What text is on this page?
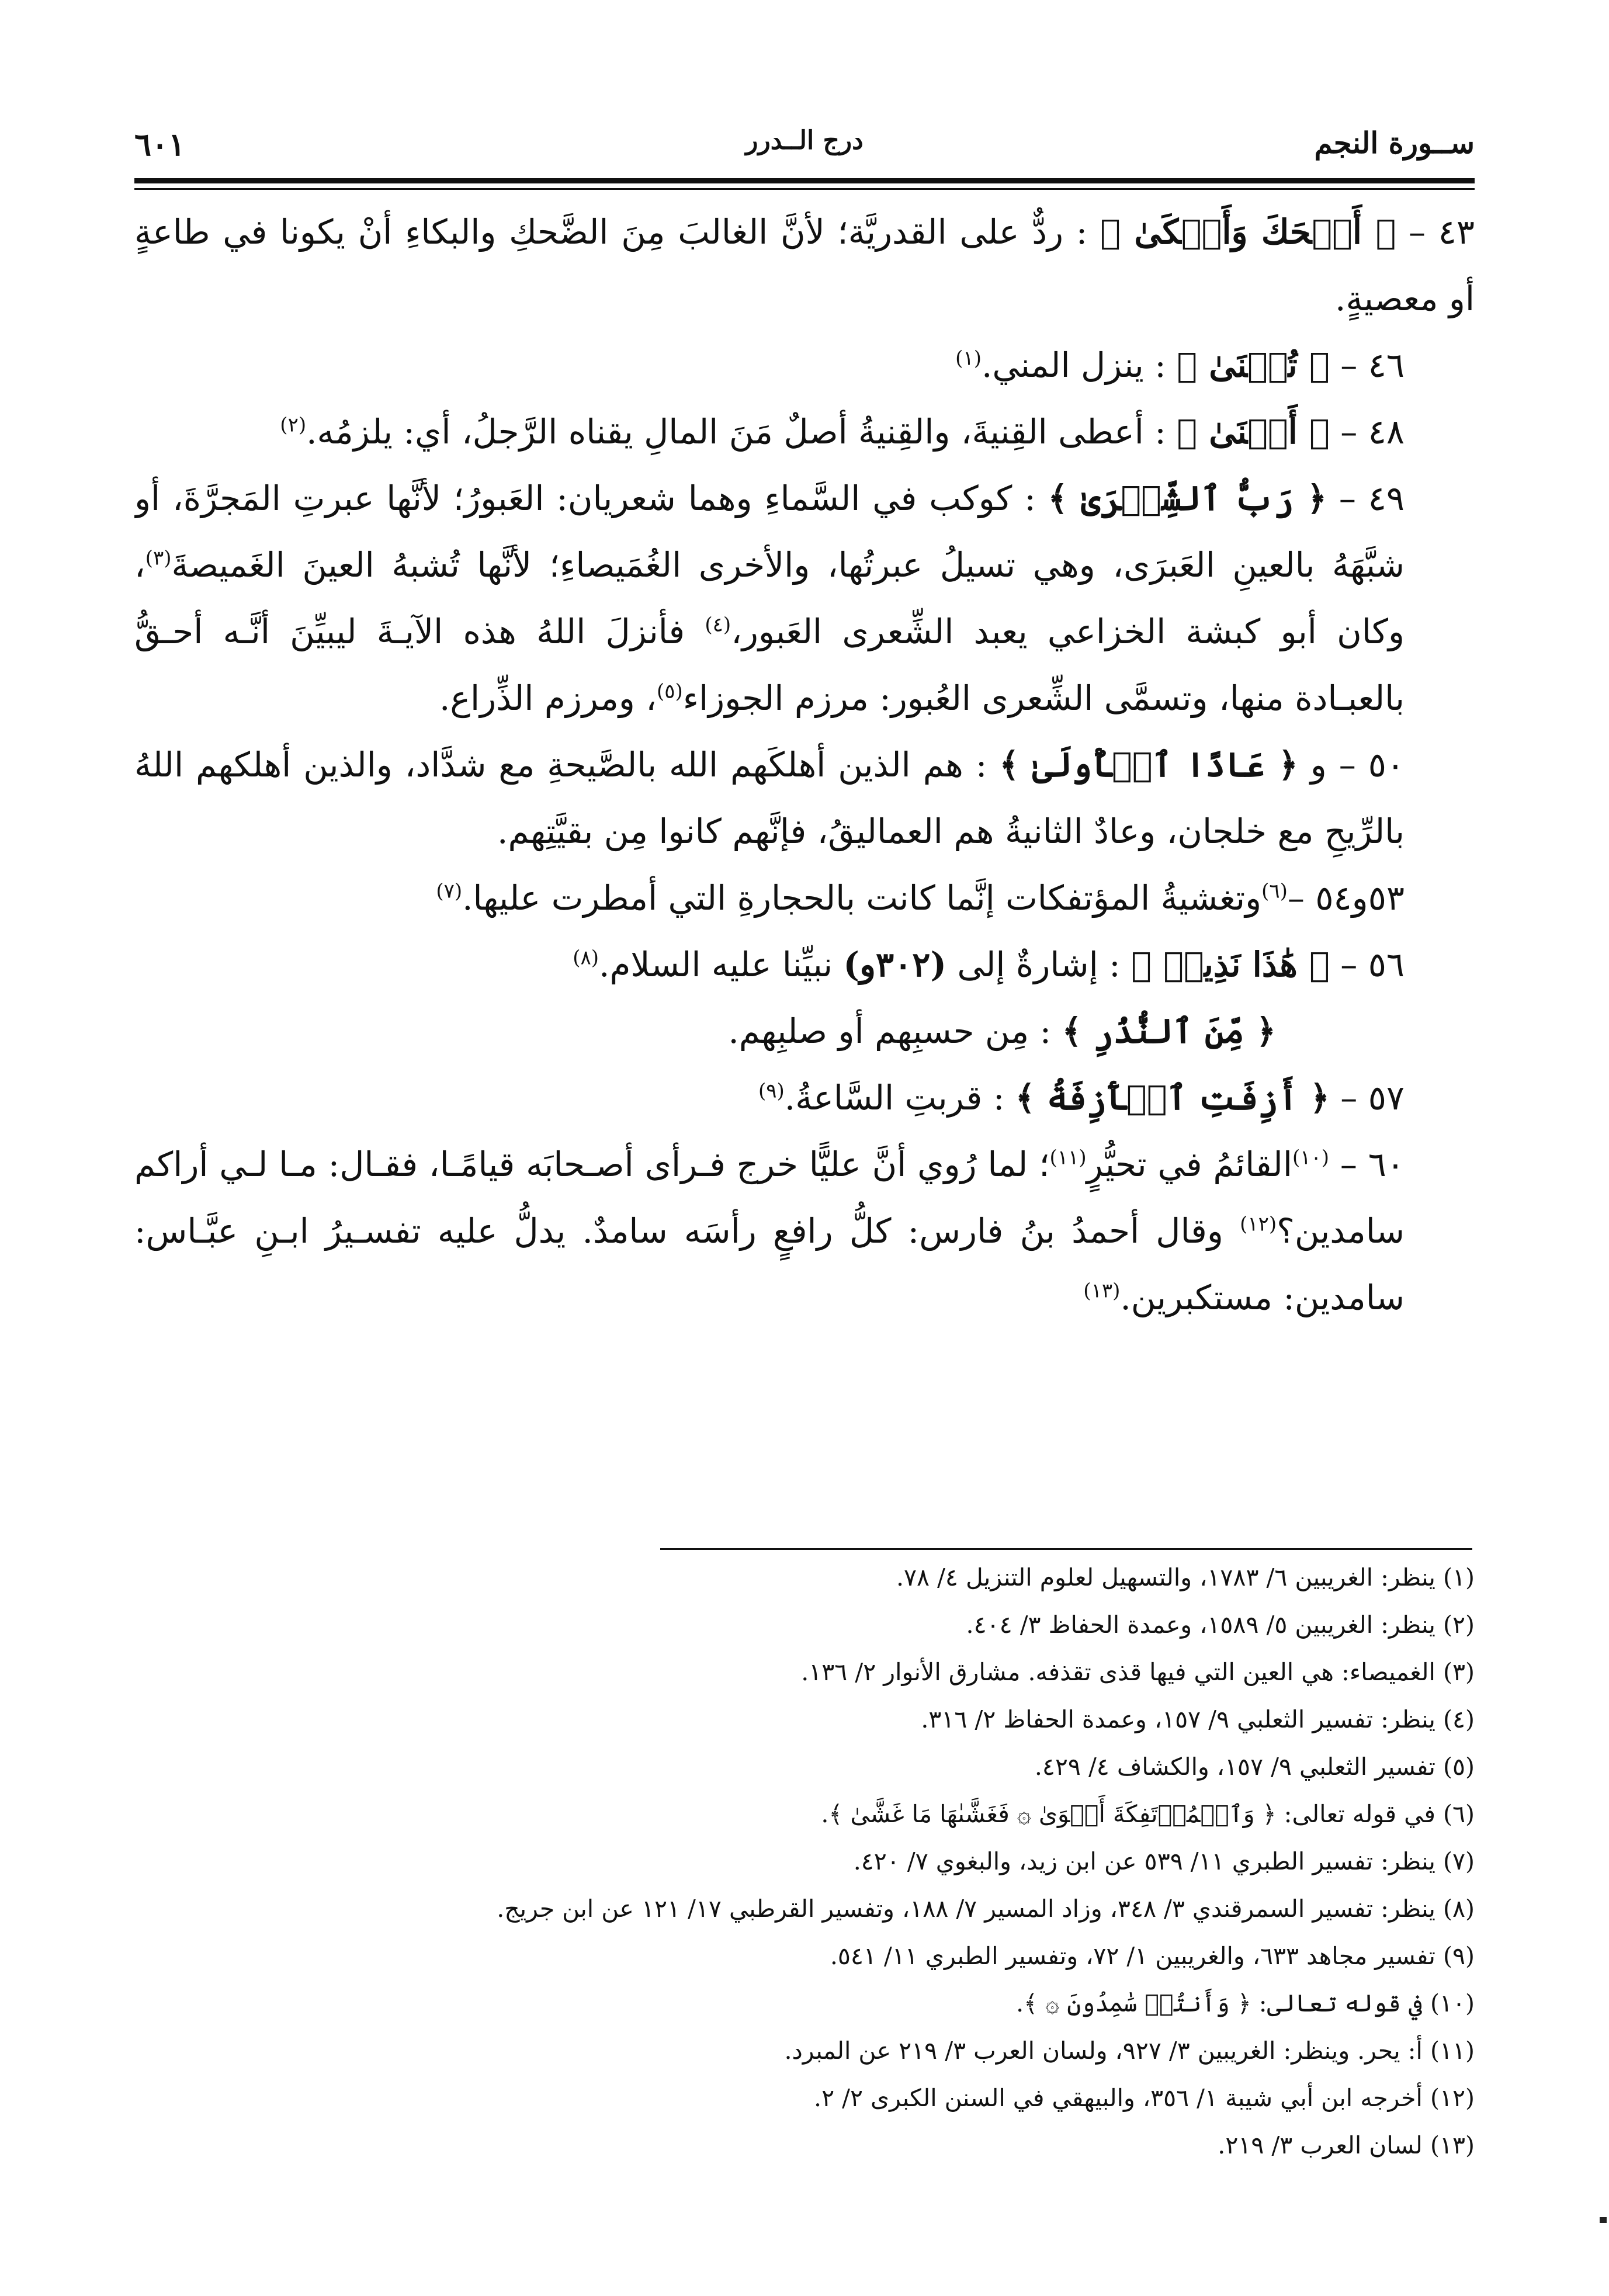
ســورة النجم
درج الــدرر
٦٠١

٤٣ – ﴿ أَضۡحَكَ وَأَبۡكَىٰ ﴾ : ردٌّ على القدريَّة؛ لأنَّ الغالبَ مِنَ الضَّحكِ والبكاءِ أنْ يكونا في طاعةٍ أو معصيةٍ.

٤٦ – ﴿ تُمۡنَىٰ ﴾ : ينزل المني.$^{(١)}$

٤٨ – ﴿ أَقۡنَىٰ ﴾ : أعطى القِنيةَ، والقِنيةُ أصلٌ مَنَ المالِ يقناه الرَّجلُ، أي: يلزمُه.$^{(٢)}$

٤٩ – ﴿ رَبُّ ٱلشِّعۡرَىٰ ﴾ : كوكب في السَّماءِ وهما شعريان: العَبورُ؛ لأنَّها عبرتِ المَجرَّةَ، أو شبَّهَهُ بالعينِ العَبرَى، وهي تسيلُ عبرتُها، والأخرى الغُمَيصاءِ؛ لأنَّها تُشبهُ العينَ الغَميصةَ$^{(٣)}$، وكان أبو كبشة الخزاعي يعبد الشِّعرى العَبور،$^{(٤)}$ فأنزلَ اللهُ هذه الآيـةَ ليبيِّنَ أنَّـه أحـقُّ بالعبـادة منها، وتسمَّى الشِّعرى العُبور: مرزم الجوزاء$^{(٥)}$، ومرزم الذِّراع.

٥٠ – و ﴿ عَادًا ٱلۡأُولَىٰ ﴾ : هم الذين أهلكَهم الله بالصَّيحةِ مع شدَّاد، والذين أهلكهم اللهُ بالرِّيحِ مع خلجان، وعادٌ الثانيةُ هم العماليقُ، فإنَّهم كانوا مِن بقيَّتِهم.

٥٣و٥٤ –$^{(٦)}$وتغشيةُ المؤتفكات إنَّما كانت بالحجارةِ التي أمطرت عليها.$^{(٧)}$

٥٦ – ﴿ هَٰذَا نَذِيرٞ ﴾ : إشارةٌ إلى (٣٠٢و) نبيِّنا عليه السلام.$^{(٨)}$

﴿ مِّنَ ٱلنُّذُرِ ﴾ : مِن حسبِهم أو صلبِهم.

٥٧ – ﴿ أَزِفَتِ ٱلۡأٓزِفَةُ ﴾ : قربتِ السَّاعةُ.$^{(٩)}$

٦٠ – $^{(١٠)}$القائمُ في تحيُّرٍ$^{(١١)}$؛ لما رُوي أنَّ عليًّا خرج فـرأى أصـحابَه قيامًـا، فقـال: مـا لـي أراكم سامدين؟$^{(١٢)}$ وقال أحمدُ بنُ فارس: كلُّ رافعٍ رأسَه سامدٌ. يدلُّ عليه تفسـيرُ ابـنِ عبَّـاس: سامدين: مستكبرين.$^{(١٣)}$

(١) ينظر: الغريبين ٦/ ١٧٨٣، والتسهيل لعلوم التنزيل ٤/ ٧٨.
(٢) ينظر: الغريبين ٥/ ١٥٨٩، وعمدة الحفاظ ٣/ ٤٠٤.
(٣) الغميصاء: هي العين التي فيها قذى تقذفه. مشارق الأنوار ٢/ ١٣٦.
(٤) ينظر: تفسير الثعلبي ٩/ ١٥٧، وعمدة الحفاظ ٢/ ٣١٦.
(٥) تفسير الثعلبي ٩/ ١٥٧، والكشاف ٤/ ٤٢٩.
(٦) في قوله تعالى: ﴿ وَٱلۡمُؤۡتَفِكَةَ أَهۡوَىٰ ۞ فَغَشَّىٰهَا مَا غَشَّىٰ ﴾.
(٧) ينظر: تفسير الطبري ١١/ ٥٣٩ عن ابن زيد، والبغوي ٧/ ٤٢٠.
(٨) ينظر: تفسير السمرقندي ٣/ ٣٤٨، وزاد المسير ٧/ ١٨٨، وتفسير القرطبي ١٧/ ١٢١ عن ابن جريج.
(٩) تفسير مجاهد ٦٣٣، والغريبين ١/ ٧٢، وتفسير الطبري ١١/ ٥٤١.
(١٠) في قوله تعالى: ﴿ وَأَنتُمۡ سَٰمِدُونَ ۞ ﴾.
(١١) أ: يحر. وينظر: الغريبين ٣/ ٩٢٧، ولسان العرب ٣/ ٢١٩ عن المبرد.
(١٢) أخرجه ابن أبي شيبة ١/ ٣٥٦، والبيهقي في السنن الكبرى ٢/ ٢.
(١٣) لسان العرب ٣/ ٢١٩.
